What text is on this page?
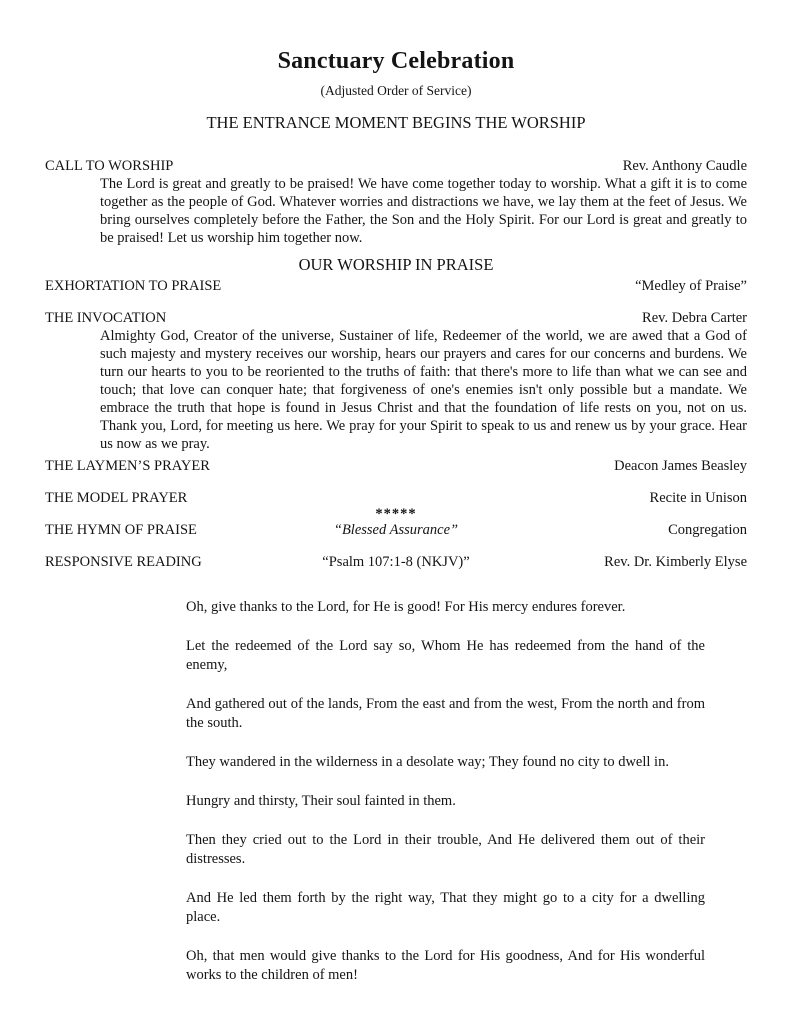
Sanctuary Celebration
(Adjusted Order of Service)
THE ENTRANCE MOMENT BEGINS THE WORSHIP
CALL TO WORSHIP	Rev. Anthony Caudle

The Lord is great and greatly to be praised! We have come together today to worship. What a gift it is to come together as the people of God. Whatever worries and distractions we have, we lay them at the feet of Jesus. We bring ourselves completely before the Father, the Son and the Holy Spirit. For our Lord is great and greatly to be praised! Let us worship him together now.

OUR WORSHIP IN PRAISE
EXHORTATION TO PRAISE	“Medley of Praise”
THE INVOCATION	Rev. Debra Carter

Almighty God, Creator of the universe, Sustainer of life, Redeemer of the world, we are awed that a God of such majesty and mystery receives our worship, hears our prayers and cares for our concerns and burdens. We turn our hearts to you to be reoriented to the truths of faith: that there's more to life than what we can see and touch; that love can conquer hate; that forgiveness of one's enemies isn't only possible but a mandate. We embrace the truth that hope is found in Jesus Christ and that the foundation of life rests on you, not on us. Thank you, Lord, for meeting us here. We pray for your Spirit to speak to us and renew us by your grace. Hear us now as we pray.

THE LAYMEN’S PRAYER	Deacon James Beasley
THE MODEL PRAYER	Recite in Unison
*****
THE HYMN OF PRAISE	“Blessed Assurance”	Congregation
RESPONSIVE READING	“Psalm 107:1-8 (NKJV)”	Rev. Dr. Kimberly Elyse

Oh, give thanks to the Lord, for He is good! For His mercy endures forever.

Let the redeemed of the Lord say so, Whom He has redeemed from the hand of the enemy,

And gathered out of the lands, From the east and from the west, From the north and from the south.

They wandered in the wilderness in a desolate way; They found no city to dwell in.

Hungry and thirsty, Their soul fainted in them.

Then they cried out to the Lord in their trouble, And He delivered them out of their distresses.

And He led them forth by the right way, That they might go to a city for a dwelling place.

Oh, that men would give thanks to the Lord for His goodness, And for His wonderful works to the children of men!
